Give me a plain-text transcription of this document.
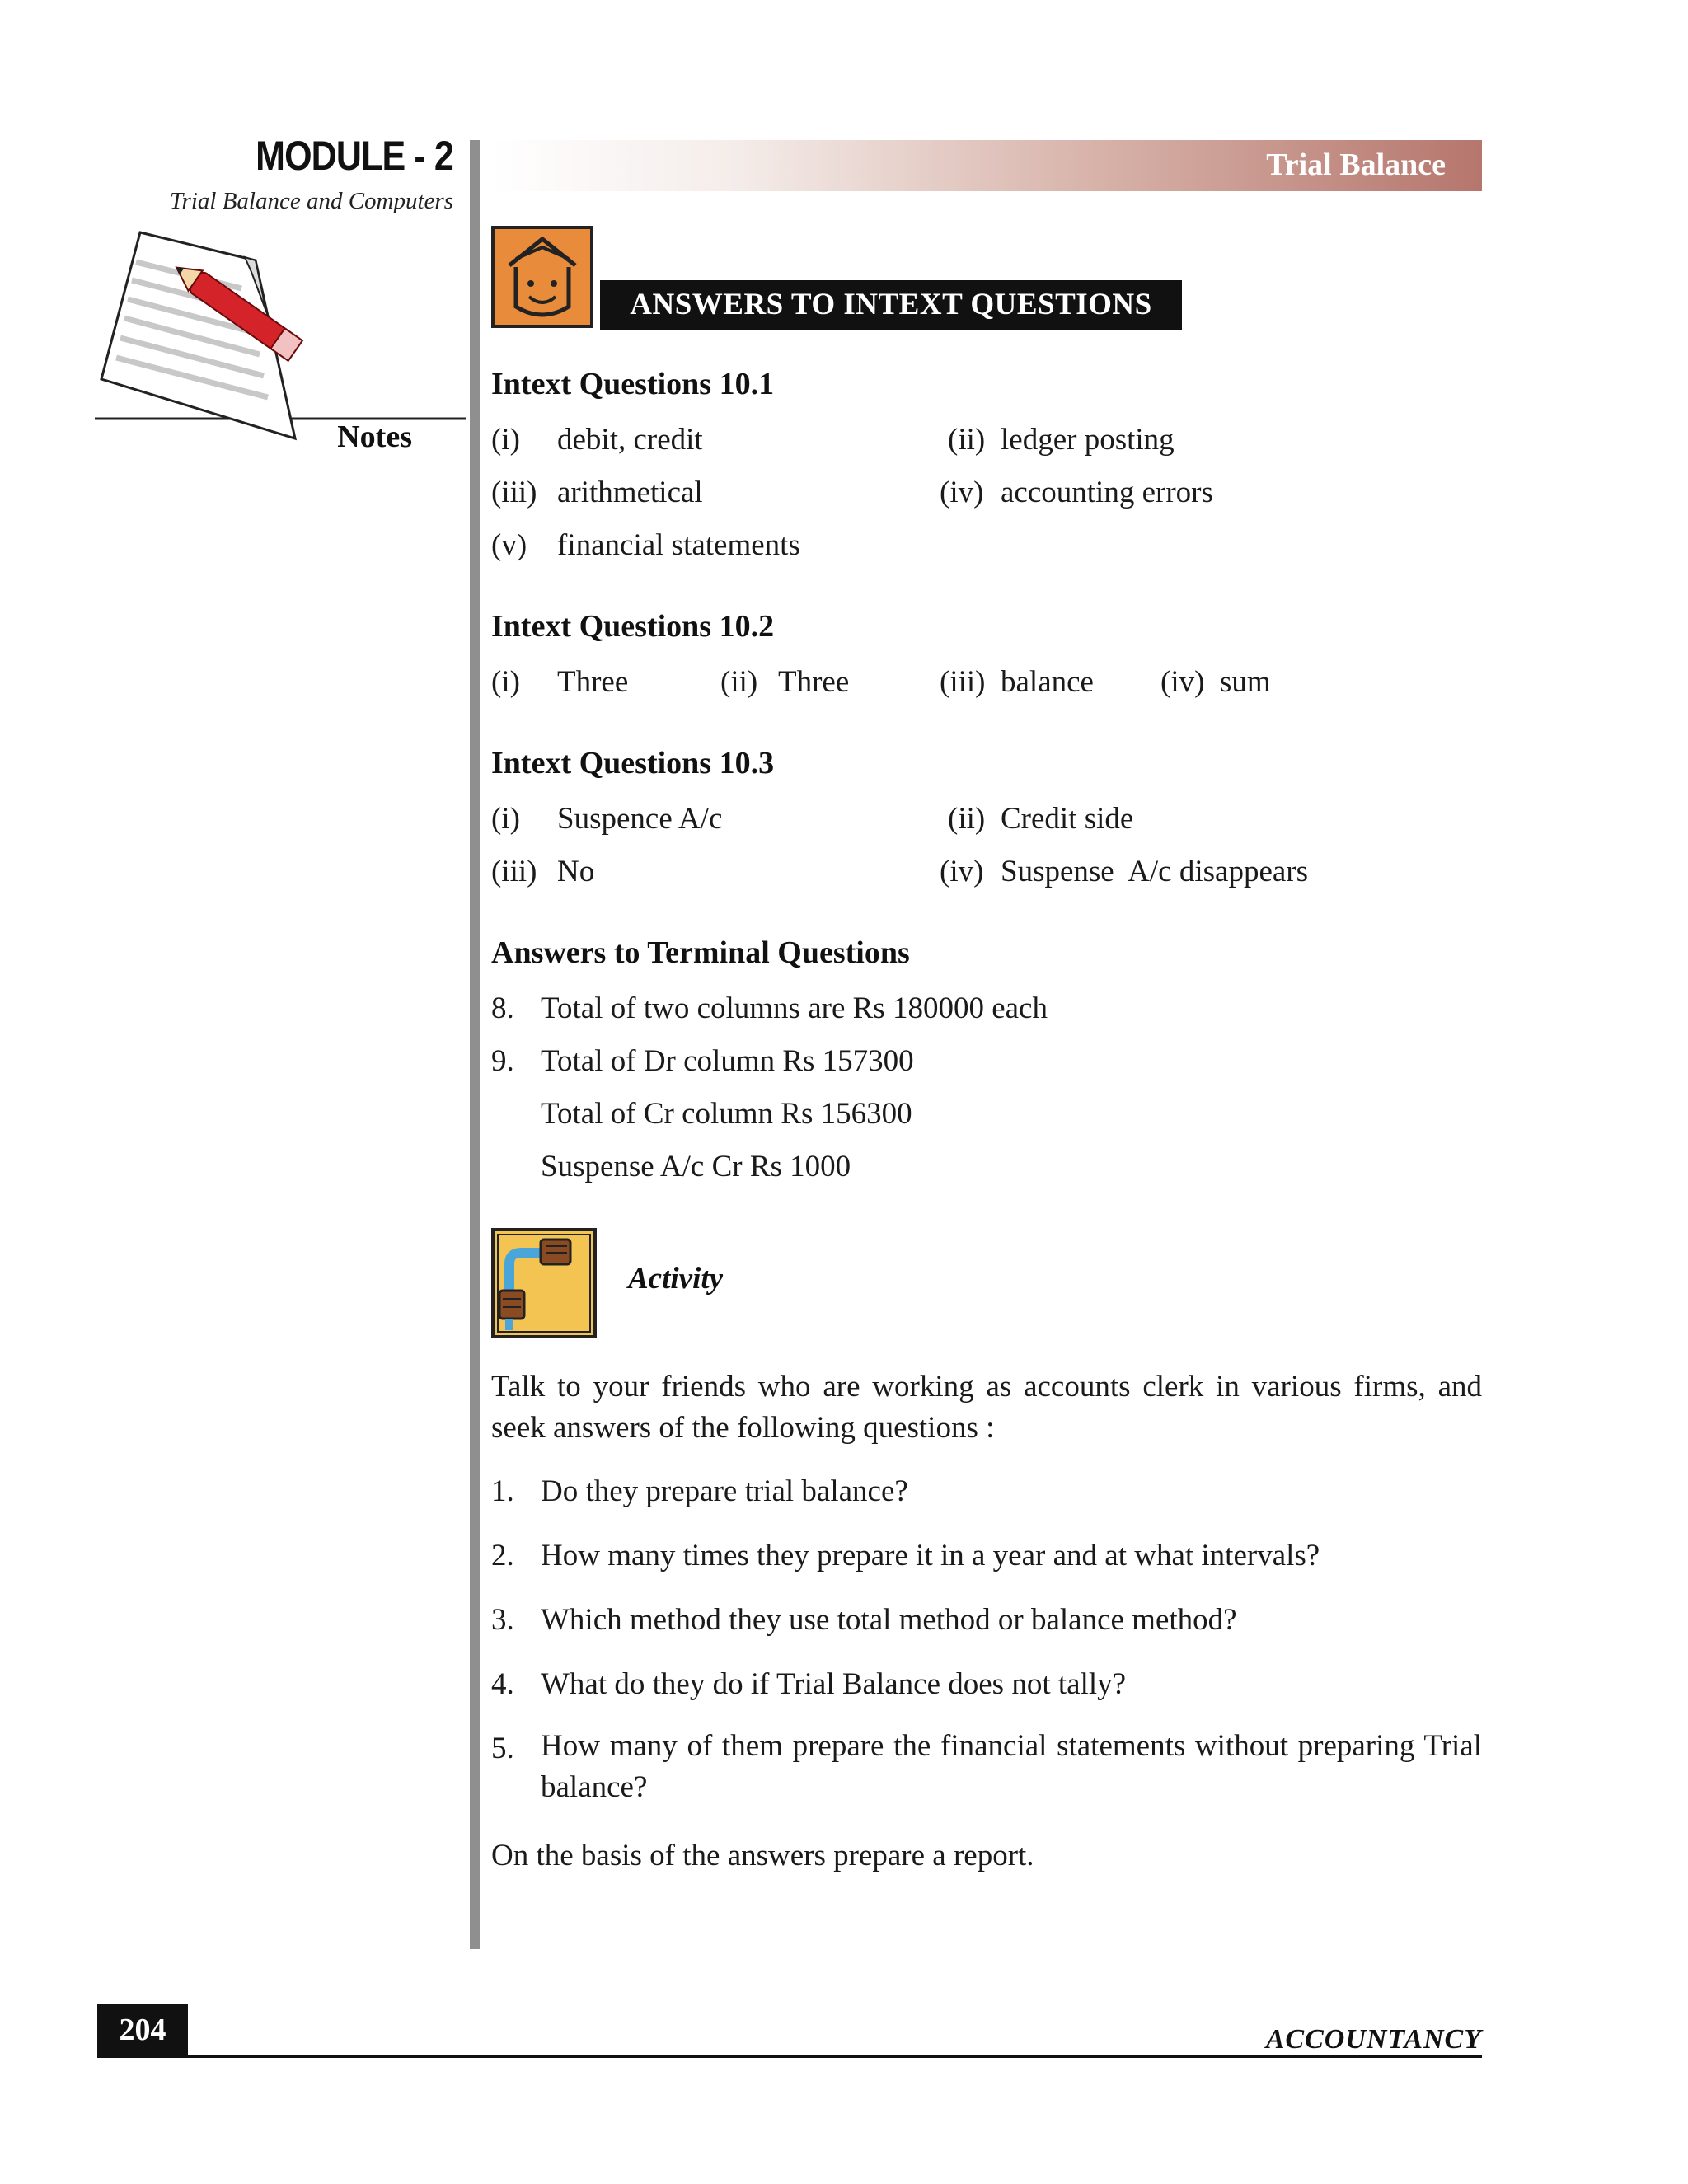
MODULE - 2
Trial Balance and Computers
Notes
Trial Balance
ANSWERS TO INTEXT QUESTIONS
Intext Questions 10.1
(i) debit, credit	(ii) ledger posting
(iii) arithmetical	(iv) accounting errors
(v) financial statements
Intext Questions 10.2
(i) Three	(ii) Three	(iii) balance (iv) sum
Intext Questions 10.3
(i) Suspence A/c	(ii) Credit side
(iii) No	(iv) Suspense  A/c disappears
Answers to Terminal Questions
8. Total of two columns are Rs 180000 each
9. Total of Dr column Rs 157300
Total of Cr column Rs 156300
Suspense A/c Cr Rs 1000
Activity
Talk to your friends who are working as accounts clerk in various firms, and seek answers of the following questions :
1. Do they prepare trial balance?
2. How many times they prepare it in a year and at what intervals?
3. Which method they use total method or balance method?
4. What do they do if Trial Balance does not tally?
5. How many of them prepare the financial statements without preparing Trial balance?
On the basis of the answers prepare a report.
204	ACCOUNTANCY
